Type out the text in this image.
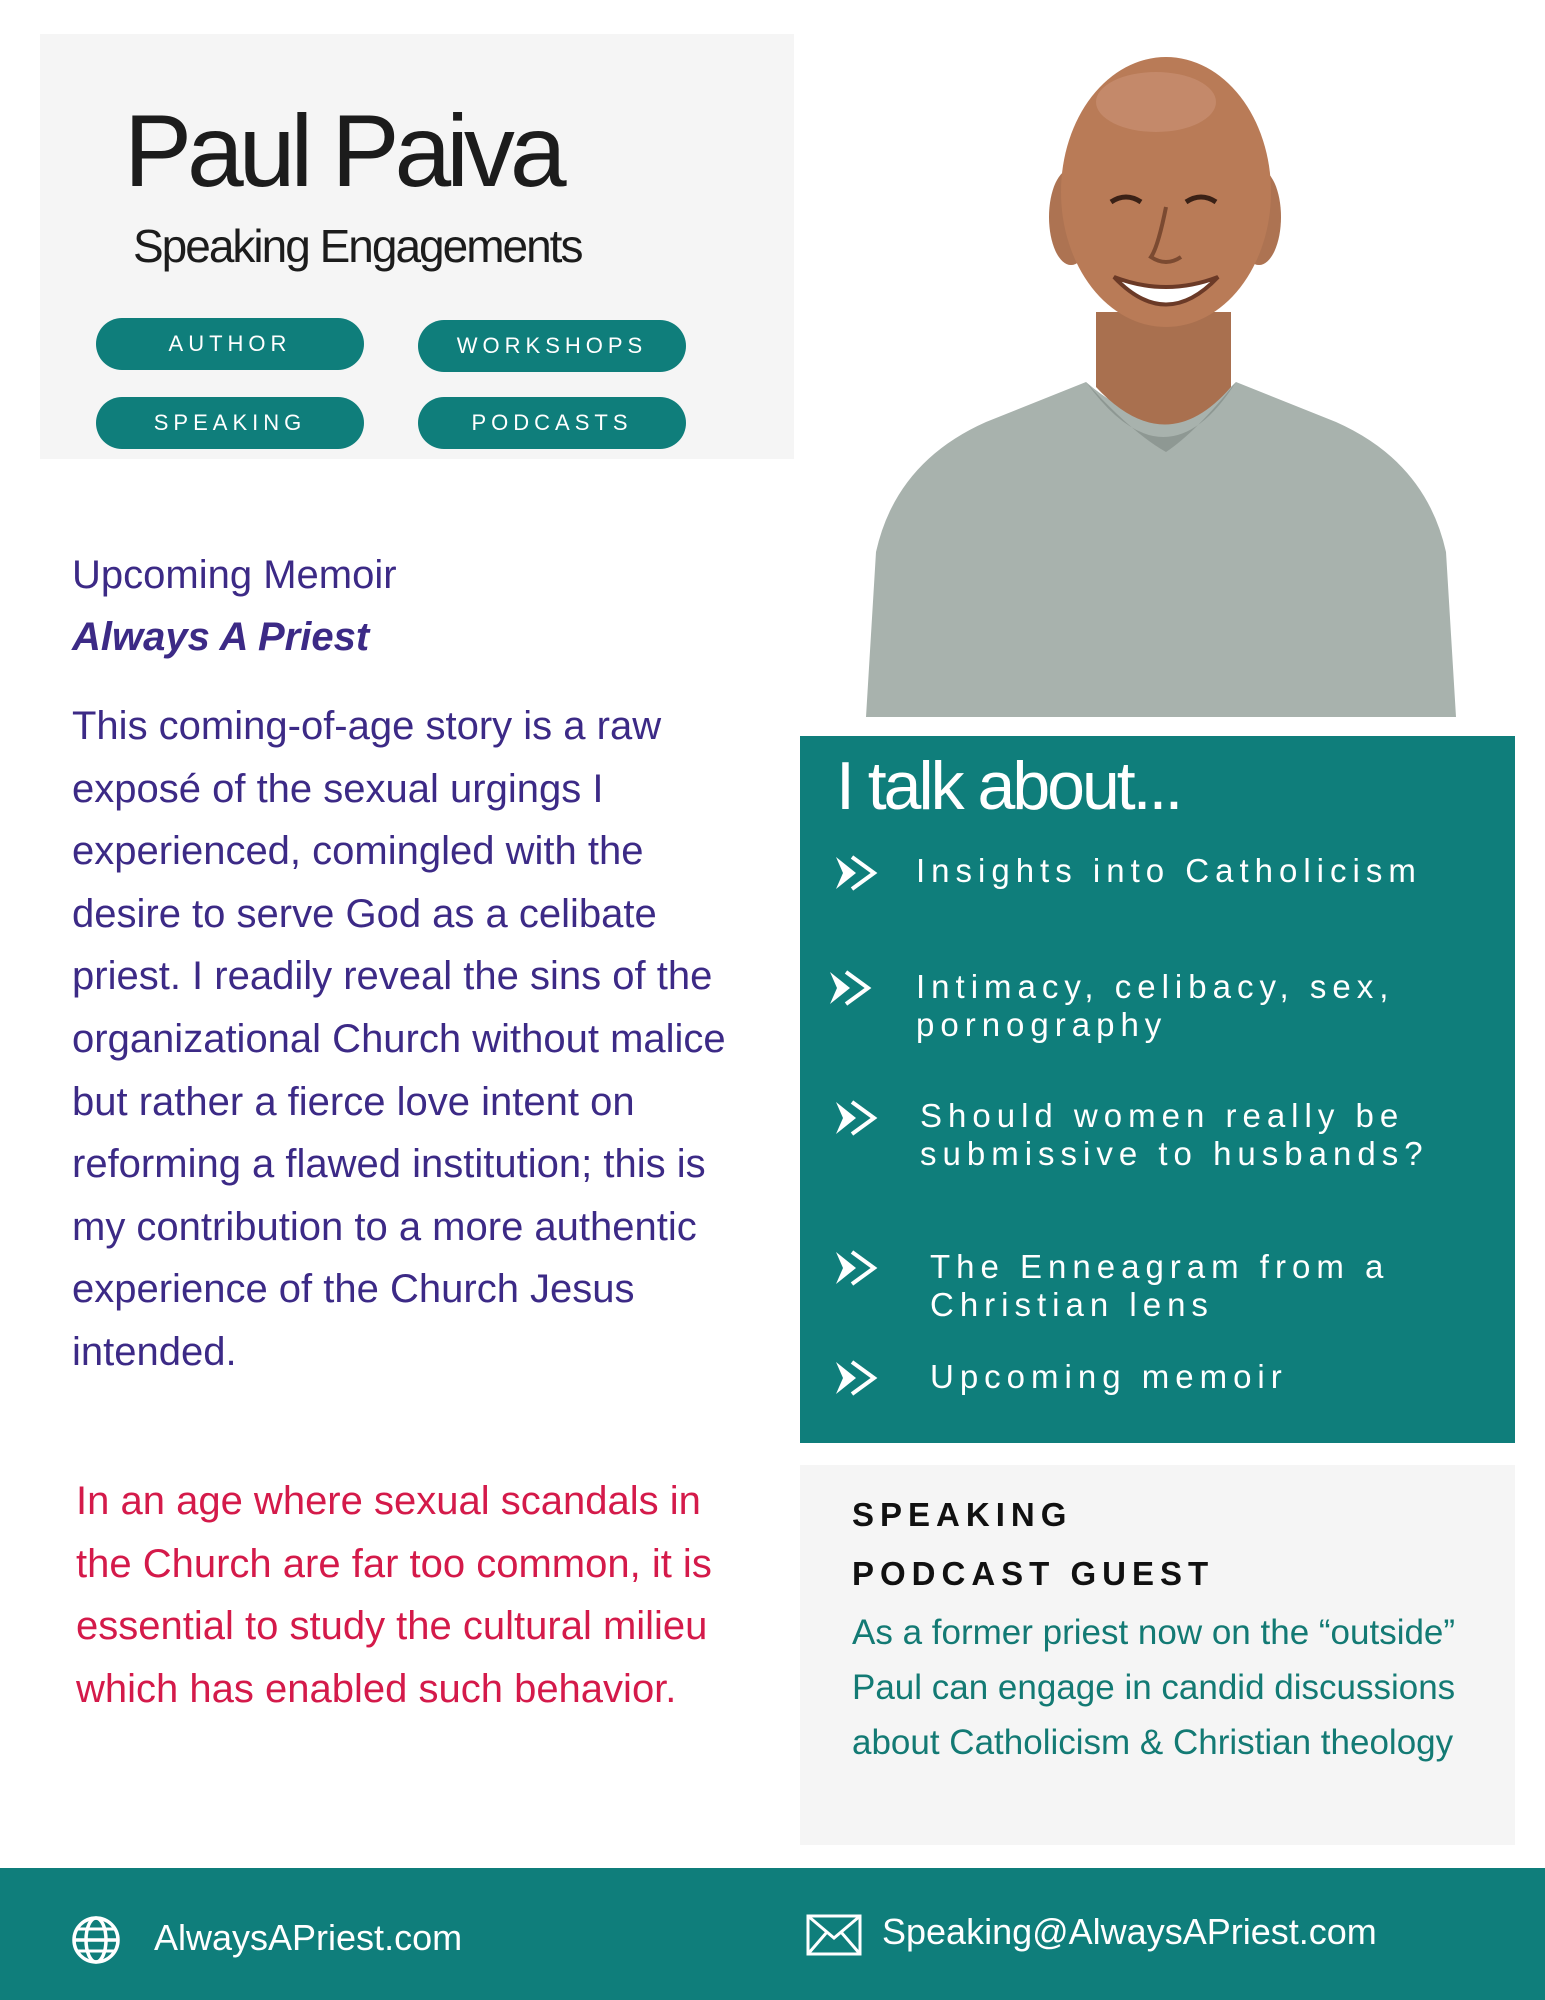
Paul Paiva
Speaking Engagements
AUTHOR	WORKSHOPS
SPEAKING	PODCASTS
Upcoming Memoir
Always A Priest
This coming-of-age story is a raw exposé of the sexual urgings I experienced, comingled with the desire to serve God as a celibate priest. I readily reveal the sins of the organizational Church without malice but rather a fierce love intent on reforming a flawed institution; this is my contribution to a more authentic experience of the Church Jesus intended.
In an age where sexual scandals in the Church are far too common, it is essential to study the cultural milieu which has enabled such behavior.
I talk about...
Insights into Catholicism
Intimacy, celibacy, sex,
pornography
Should women really be
submissive to husbands?
The Enneagram from a
Christian lens
Upcoming memoir
SPEAKING
PODCAST GUEST
As a former priest now on the “outside” Paul can engage in candid discussions about Catholicism & Christian theology
AlwaysAPriest.com	Speaking@AlwaysAPriest.com
